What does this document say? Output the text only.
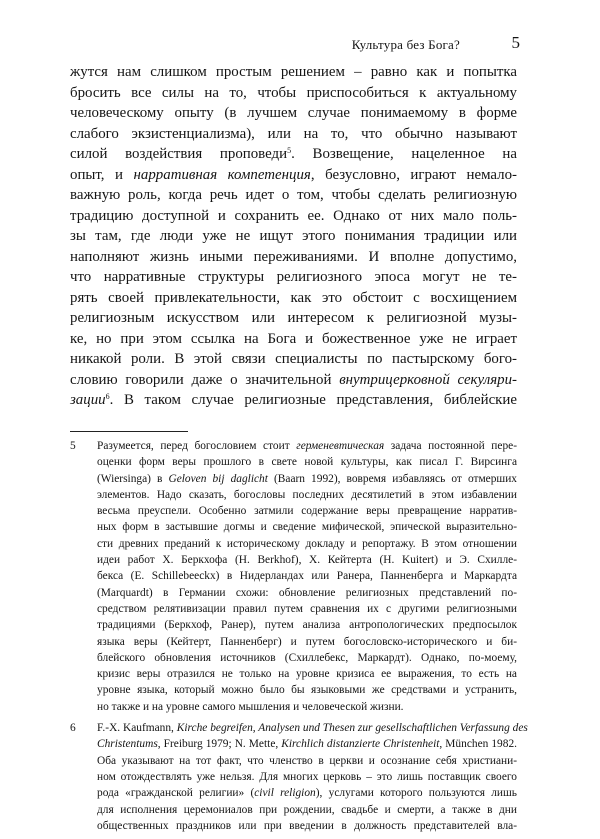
Культура без Бога?	5
жутся нам слишком простым решением – равно как и попытка
бросить все силы на то, чтобы приспособиться к актуальному
человеческому опыту (в лучшем случае понимаемому в форме
слабого экзистенциализма), или на то, что обычно называют
силой воздействия проповеди$^5$. Возвещение, нацеленное на
опыт, и нарративная компетенция, безусловно, играют немало-
важную роль, когда речь идет о том, чтобы сделать религиозную
традицию доступной и сохранить ее. Однако от них мало поль-
зы там, где люди уже не ищут этого понимания традиции или
наполняют жизнь иными переживаниями. И вполне допустимо,
что нарративные структуры религиозного эпоса могут не те-
рять своей привлекательности, как это обстоит с восхищением
религиозным искусством или интересом к религиозной музы-
ке, но при этом ссылка на Бога и божественное уже не играет
никакой роли. В этой связи специалисты по пастырскому бого-
словию говорили даже о значительной внутрицерковной секуляри-
зации$^6$. В таком случае религиозные представления, библейские
5 Разумеется, перед богословием стоит герменевтическая задача постоянной пере-
оценки форм веры прошлого в свете новой культуры, как писал Г. Вирсинга
(Wiersinga) в Geloven bij daglicht (Baarn 1992), вовремя избавляясь от отмерших
элементов. Надо сказать, богословы последних десятилетий в этом избавлении
весьма преуспели. Особенно затмили содержание веры превращение нарратив-
ных форм в застывшие догмы и сведение мифической, эпической выразительно-
сти древних преданий к историческому докладу и репортажу. В этом отношении
идеи работ Х. Беркхофа (H. Berkhof), Х. Кейтерта (H. Kuitert) и Э. Схилле-
бекса (E. Schillebeeckx) в Нидерландах или Ранера, Панненберга и Маркардта
(Marquardt) в Германии схожи: обновление религиозных представлений по-
средством релятивизации правил путем сравнения их с другими религиозными
традициями (Беркхоф, Ранер), путем анализа антропологических предпосылок
языка веры (Кейтерт, Панненберг) и путем богословско-исторического и би-
блейского обновления источников (Схиллебекс, Маркардт). Однако, по-моему,
кризис веры отразился не только на уровне кризиса ее выражения, то есть на
уровне языка, который можно было бы языковыми же средствами и устранить,
но также и на уровне самого мышления и человеческой жизни.
6 F.-X. Kaufmann, Kirche begreifen, Analysen und Thesen zur gesellschaftlichen Verfassung des
Christentums, Freiburg 1979; N. Mette, Kirchlich distanzierte Christenheit, München 1982.
Оба указывают на тот факт, что членство в церкви и осознание себя христиани-
ном отождествлять уже нельзя. Для многих церковь – это лишь поставщик своего
рода «гражданской религии» (civil religion), услугами которого пользуются лишь
для исполнения церемониалов при рождении, свадьбе и смерти, а также в дни
общественных праздников или при введении в должность представителей вла-
